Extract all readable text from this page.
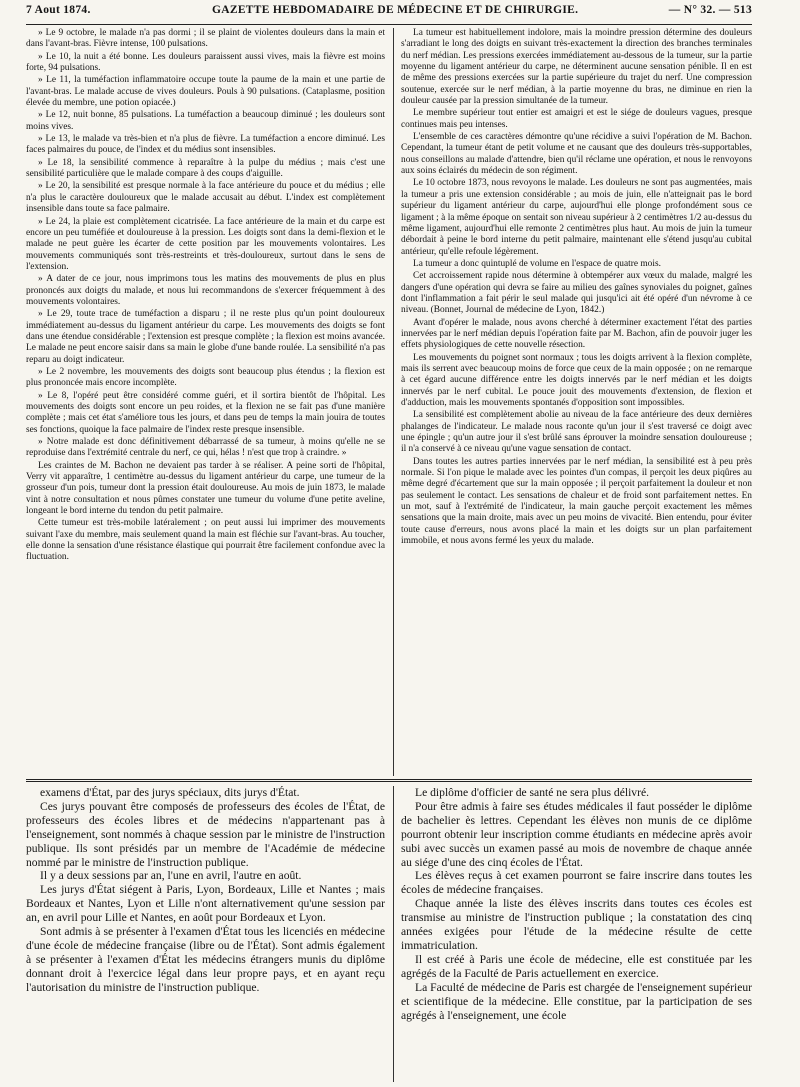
7 Aout 1874.	GAZETTE HEBDOMADAIRE DE MÉDECINE ET DE CHIRURGIE.	— N° 32. — 513

» Le 9 octobre, le malade n'a pas dormi ; il se plaint de violentes douleurs dans la main et dans l'avant-bras. Fièvre intense, 100 pulsations.

» Le 10, la nuit a été bonne. Les douleurs paraissent aussi vives, mais la fièvre est moins forte, 94 pulsations.

» Le 11, la tuméfaction inflammatoire occupe toute la paume de la main et une partie de l'avant-bras. Le malade accuse de vives douleurs. Pouls à 90 pulsations. (Cataplasme, position élevée du membre, une potion opiacée.)

» Le 12, nuit bonne, 85 pulsations. La tuméfaction a beaucoup diminué ; les douleurs sont moins vives.

» Le 13, le malade va très-bien et n'a plus de fièvre. La tuméfaction a encore diminué. Les faces palmaires du pouce, de l'index et du médius sont insensibles.

» Le 18, la sensibilité commence à reparaître à la pulpe du médius ; mais c'est une sensibilité particulière que le malade compare à des coups d'aiguille.

» Le 20, la sensibilité est presque normale à la face antérieure du pouce et du médius ; elle n'a plus le caractère douloureux que le malade accusait au début. L'index est complètement insensible dans toute sa face palmaire.

» Le 24, la plaie est complètement cicatrisée. La face antérieure de la main et du carpe est encore un peu tuméfiée et douloureuse à la pression. Les doigts sont dans la demi-flexion et le malade ne peut guère les écarter de cette position par les mouvements volontaires. Les mouvements communiqués sont très-restreints et très-douloureux, surtout dans le sens de l'extension.

» A dater de ce jour, nous imprimons tous les matins des mouvements de plus en plus prononcés aux doigts du malade, et nous lui recommandons de s'exercer fréquemment à des mouvements volontaires.

» Le 29, toute trace de tuméfaction a disparu ; il ne reste plus qu'un point douloureux immédiatement au-dessus du ligament antérieur du carpe. Les mouvements des doigts se font dans une étendue considérable ; l'extension est presque complète ; la flexion est moins avancée. Le malade ne peut encore saisir dans sa main le globe d'une bande roulée. La sensibilité n'a pas reparu au doigt indicateur.

» Le 2 novembre, les mouvements des doigts sont beaucoup plus étendus ; la flexion est plus prononcée mais encore incomplète.

» Le 8, l'opéré peut être considéré comme guéri, et il sortira bientôt de l'hôpital. Les mouvements des doigts sont encore un peu roides, et la flexion ne se fait pas d'une manière complète ; mais cet état s'améliore tous les jours, et dans peu de temps la main jouira de toutes ses fonctions, quoique la face palmaire de l'index reste presque insensible.

» Notre malade est donc définitivement débarrassé de sa tumeur, à moins qu'elle ne se reproduise dans l'extrémité centrale du nerf, ce qui, hélas ! n'est que trop à craindre. »

Les craintes de M. Bachon ne devaient pas tarder à se réaliser. A peine sorti de l'hôpital, Verry vit apparaître, 1 centimètre au-dessus du ligament antérieur du carpe, une tumeur de la grosseur d'un pois, tumeur dont la pression était douloureuse. Au mois de juin 1873, le malade vint à notre consultation et nous pûmes constater une tumeur du volume d'une petite aveline, longeant le bord interne du tendon du petit palmaire.

Cette tumeur est très-mobile latéralement ; on peut aussi lui imprimer des mouvements suivant l'axe du membre, mais seulement quand la main est fléchie sur l'avant-bras. Au toucher, elle donne la sensation d'une résistance élastique qui pourrait être facilement confondue avec la fluctuation.

La tumeur est habituellement indolore, mais la moindre pression détermine des douleurs s'arradiant le long des doigts en suivant très-exactement la direction des branches terminales du nerf médian. Les pressions exercées immédiatement au-dessous de la tumeur, sur la partie moyenne du ligament antérieur du carpe, ne déterminent aucune sensation pénible. Il en est de même des pressions exercées sur la partie supérieure du trajet du nerf. Une compression soutenue, exercée sur le nerf médian, à la partie moyenne du bras, ne diminue en rien la douleur causée par la pression simultanée de la tumeur.

Le membre supérieur tout entier est amaigri et est le siége de douleurs vagues, presque continues mais peu intenses.

L'ensemble de ces caractères démontre qu'une récidive a suivi l'opération de M. Bachon. Cependant, la tumeur étant de petit volume et ne causant que des douleurs très-supportables, nous conseillons au malade d'attendre, bien qu'il réclame une opération, et nous le renvoyons aux soins éclairés du médecin de son régiment.

Le 10 octobre 1873, nous revoyons le malade. Les douleurs ne sont pas augmentées, mais la tumeur a pris une extension considérable ; au mois de juin, elle n'atteignait pas le bord supérieur du ligament antérieur du carpe, aujourd'hui elle plonge profondément sous ce ligament ; à la même époque on sentait son niveau supérieur à 2 centimètres 1/2 au-dessus du même ligament, aujourd'hui elle remonte 2 centimètres plus haut. Au mois de juin la tumeur débordait à peine le bord interne du petit palmaire, maintenant elle s'étend jusqu'au cubital antérieur, qu'elle refoule légèrement.

La tumeur a donc quintuplé de volume en l'espace de quatre mois.

Cet accroissement rapide nous détermine à obtempérer aux vœux du malade, malgré les dangers d'une opération qui devra se faire au milieu des gaînes synoviales du poignet, gaînes dont l'inflammation a fait périr le seul malade qui jusqu'ici ait été opéré d'un névrome à ce niveau. (Bonnet, Journal de médecine de Lyon, 1842.)

Avant d'opérer le malade, nous avons cherché à déterminer exactement l'état des parties innervées par le nerf médian depuis l'opération faite par M. Bachon, afin de pouvoir juger les effets physiologiques de cette nouvelle résection.

Les mouvements du poignet sont normaux ; tous les doigts arrivent à la flexion complète, mais ils serrent avec beaucoup moins de force que ceux de la main opposée ; on ne remarque à cet égard aucune différence entre les doigts innervés par le nerf médian et les doigts innervés par le nerf cubital. Le pouce jouit des mouvements d'extension, de flexion et d'adduction, mais les mouvements spontanés d'opposition sont impossibles.

La sensibilité est complètement abolie au niveau de la face antérieure des deux dernières phalanges de l'indicateur. Le malade nous raconte qu'un jour il s'est traversé ce doigt avec une épingle ; qu'un autre jour il s'est brûlé sans éprouver la moindre sensation douloureuse ; il n'a conservé à ce niveau qu'une vague sensation de contact.

Dans toutes les autres parties innervées par le nerf médian, la sensibilité est à peu près normale. Si l'on pique le malade avec les pointes d'un compas, il perçoit les deux piqûres au même degré d'écartement que sur la main opposée ; il perçoit parfaitement la douleur et non pas seulement le contact. Les sensations de chaleur et de froid sont parfaitement nettes. En un mot, sauf à l'extrémité de l'indicateur, la main gauche perçoit exactement les mêmes sensations que la main droite, mais avec un peu moins de vivacité. Bien entendu, pour éviter toute cause d'erreurs, nous avons placé la main et les doigts sur un plan parfaitement immobile, et nous avons fermé les yeux du malade.

examens d'État, par des jurys spéciaux, dits jurys d'État.

Ces jurys pouvant être composés de professeurs des écoles de l'État, de professeurs des écoles libres et de médecins n'appartenant pas à l'enseignement, sont nommés à chaque session par le ministre de l'instruction publique. Ils sont présidés par un membre de l'Académie de médecine nommé par le ministre de l'instruction publique.

Il y a deux sessions par an, l'une en avril, l'autre en août.

Les jurys d'État siégent à Paris, Lyon, Bordeaux, Lille et Nantes ; mais Bordeaux et Nantes, Lyon et Lille n'ont alternativement qu'une session par an, en avril pour Lille et Nantes, en août pour Bordeaux et Lyon.

Sont admis à se présenter à l'examen d'État tous les licenciés en médecine d'une école de médecine française (libre ou de l'État). Sont admis également à se présenter à l'examen d'État les médecins étrangers munis du diplôme donnant droit à l'exercice légal dans leur propre pays, et en ayant reçu l'autorisation du ministre de l'instruction publique.

Le diplôme d'officier de santé ne sera plus délivré.

Pour être admis à faire ses études médicales il faut posséder le diplôme de bachelier ès lettres. Cependant les élèves non munis de ce diplôme pourront obtenir leur inscription comme étudiants en médecine après avoir subi avec succès un examen passé au mois de novembre de chaque année au siége d'une des cinq écoles de l'État.

Les élèves reçus à cet examen pourront se faire inscrire dans toutes les écoles de médecine françaises.

Chaque année la liste des élèves inscrits dans toutes ces écoles est transmise au ministre de l'instruction publique ; la constatation des cinq années exigées pour l'étude de la médecine résulte de cette immatriculation.

Il est créé à Paris une école de médecine, elle est constituée par les agrégés de la Faculté de Paris actuellement en exercice.

La Faculté de médecine de Paris est chargée de l'enseignement supérieur et scientifique de la médecine. Elle constitue, par la participation de ses agrégés à l'enseignement, une école
